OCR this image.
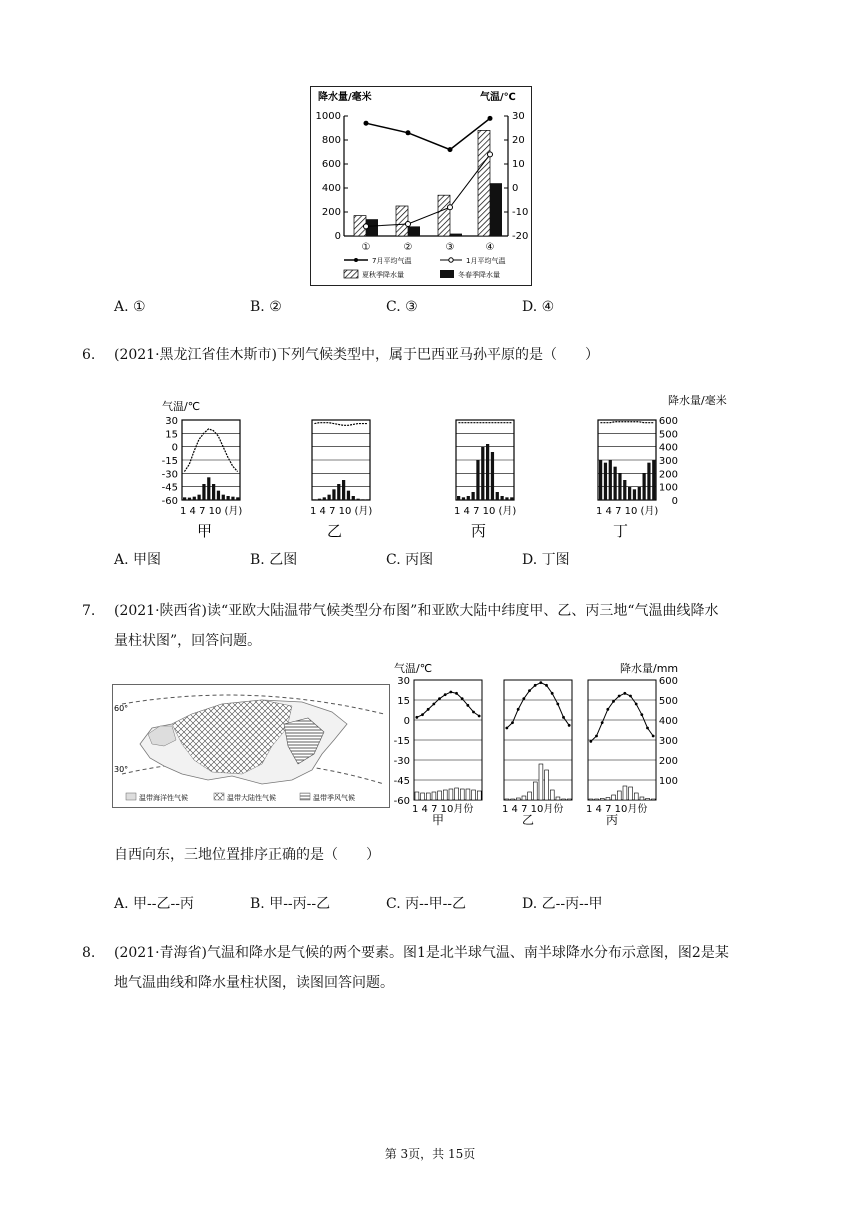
降水量/毫米	气温/℃
1000
800
600
400
200
0
30
20
10
0
-10
-20
①	②	③	④
7月平均气温	1月平均气温
夏秋季降水量	冬春季降水量
A. ①	B. ②	C. ③	D. ④
6. (2021·黑龙江省佳木斯市)下列气候类型中，属于巴西亚马孙平原的是（　　）
气温/℃	降水量/毫米
30
15
0
-15
-30
-45
-60
600
500
400
300
200
100
0
1 4 7 10 (月)
甲
1 4 7 10 (月)
乙
1 4 7 10 (月)
丙
1 4 7 10 (月)
丁
A. 甲图	B. 乙图	C. 丙图	D. 丁图
7. (2021·陕西省)读“亚欧大陆温带气候类型分布图”和亚欧大陆中纬度甲、乙、丙三地“气温曲线降水
量柱状图”，回答问题。
60°
30°
温带海洋性气候	温带大陆性气候	温带季风气候
气温/℃	降水量/mm
30
15
0
-15
-30
-45
-60
600
500
400
300
200
100
1 4 7 10月份
甲
1 4 7 10月份
乙
1 4 7 10月份
丙
自西向东，三地位置排序正确的是（　　）
A. 甲--乙--丙	B. 甲--丙--乙	C. 丙--甲--乙	D. 乙--丙--甲
8. (2021·青海省)气温和降水是气候的两个要素。图1是北半球气温、南半球降水分布示意图，图2是某
地气温曲线和降水量柱状图，读图回答问题。
第 3页，共 15页
